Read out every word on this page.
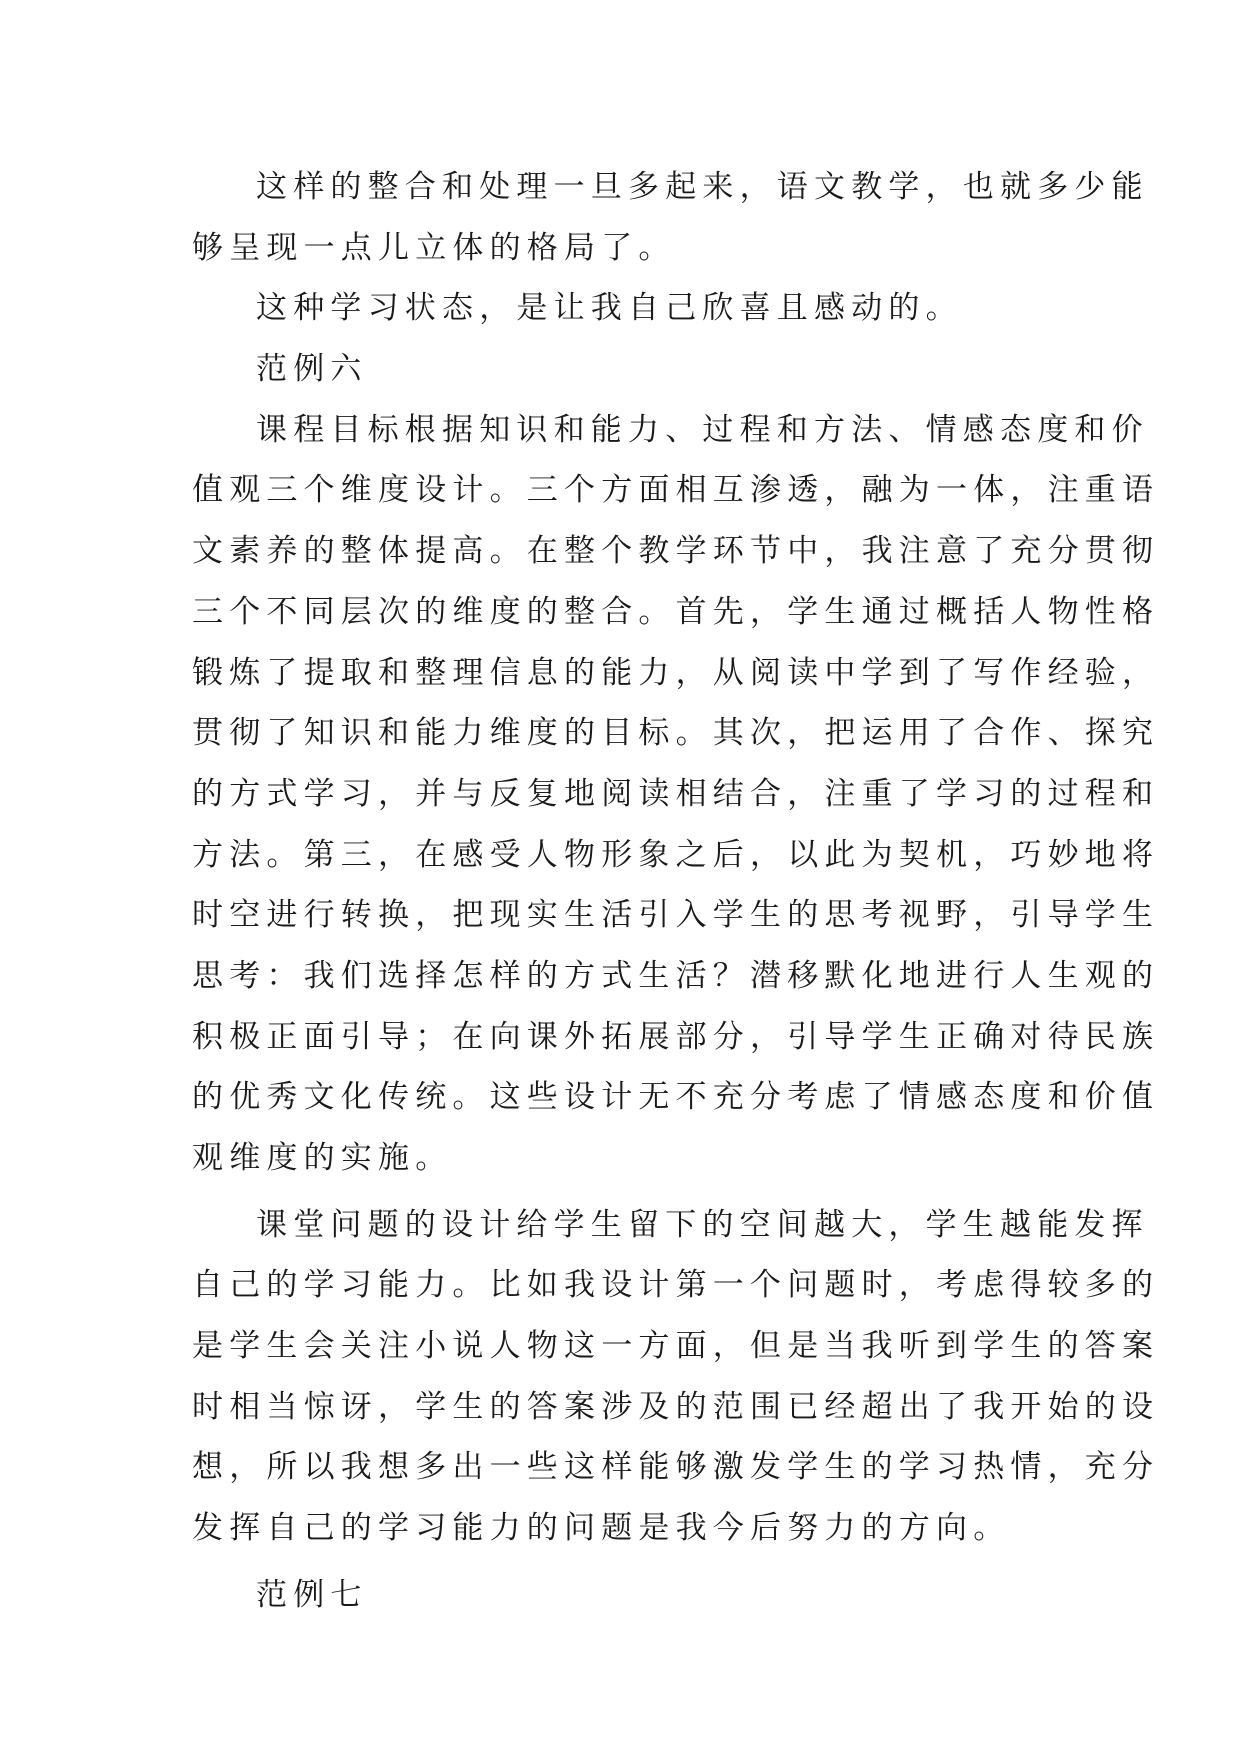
这样的整合和处理一旦多起来，语文教学，也就多少能
够呈现一点儿立体的格局了。
这种学习状态，是让我自己欣喜且感动的。
范例六
课程目标根据知识和能力、过程和方法、情感态度和价
值观三个维度设计。三个方面相互渗透，融为一体，注重语
文素养的整体提高。在整个教学环节中，我注意了充分贯彻
三个不同层次的维度的整合。首先，学生通过概括人物性格
锻炼了提取和整理信息的能力，从阅读中学到了写作经验，
贯彻了知识和能力维度的目标。其次，把运用了合作、探究
的方式学习，并与反复地阅读相结合，注重了学习的过程和
方法。第三，在感受人物形象之后，以此为契机，巧妙地将
时空进行转换，把现实生活引入学生的思考视野，引导学生
思考：我们选择怎样的方式生活？潜移默化地进行人生观的
积极正面引导；在向课外拓展部分，引导学生正确对待民族
的优秀文化传统。这些设计无不充分考虑了情感态度和价值
观维度的实施。
课堂问题的设计给学生留下的空间越大，学生越能发挥
自己的学习能力。比如我设计第一个问题时，考虑得较多的
是学生会关注小说人物这一方面，但是当我听到学生的答案
时相当惊讶，学生的答案涉及的范围已经超出了我开始的设
想，所以我想多出一些这样能够激发学生的学习热情，充分
发挥自己的学习能力的问题是我今后努力的方向。
范例七
